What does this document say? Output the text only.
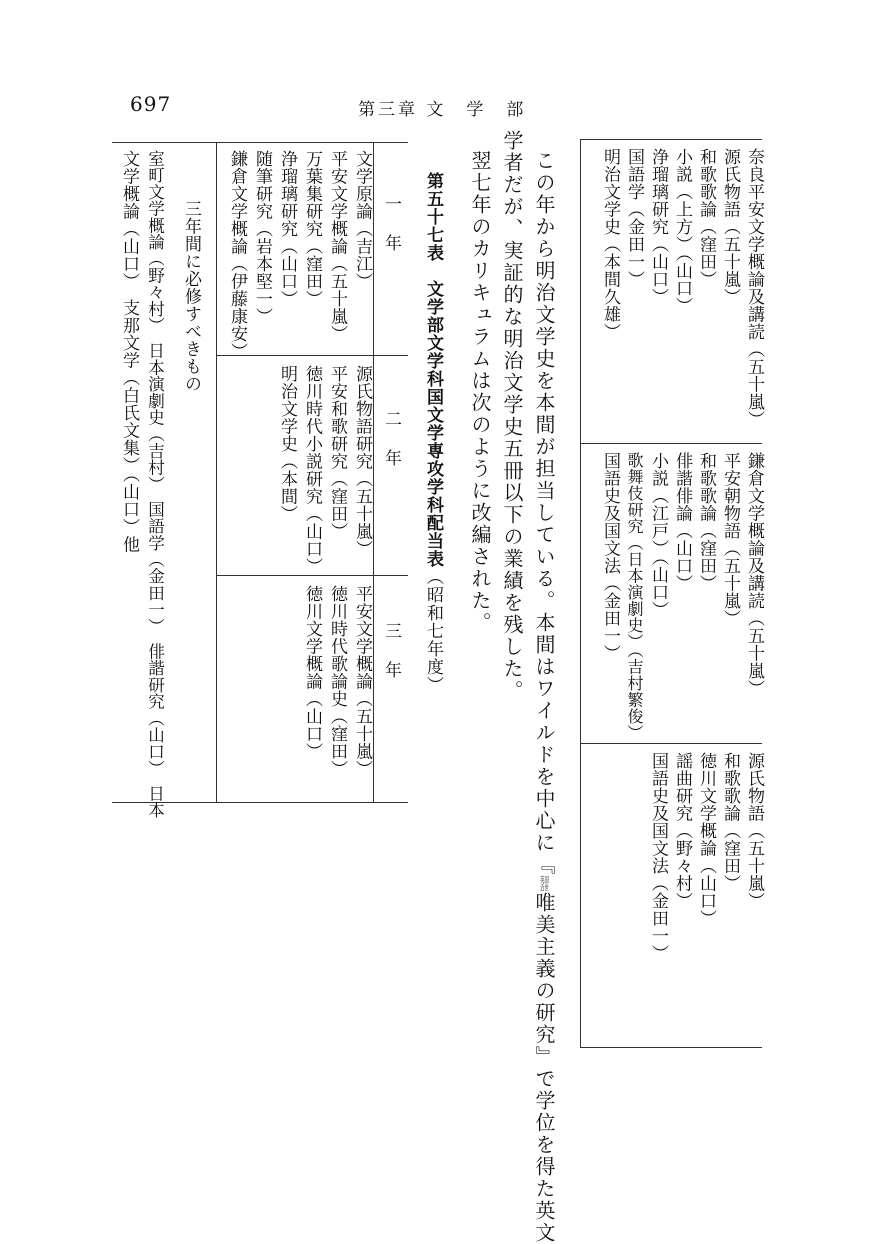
697	第三章 文　学　部
奈良平安文学概論及講読（五十嵐）
源氏物語（五十嵐）
和歌歌論（窪田）
小説（上方）（山口）
浄瑠璃研究（山口）
国語学（金田一）
明治文学史（本間久雄）
鎌倉文学概論及講読（五十嵐）
平安朝物語（五十嵐）
和歌歌論（窪田）
俳諧俳論（山口）
小説（江戸）（山口）
歌舞伎研究（日本演劇史）（吉村繁俊）
国語史及国文法（金田一）
源氏物語（五十嵐）
和歌歌論（窪田）
徳川文学概論（山口）
謡曲研究（野々村）
国語史及国文法（金田一）
この年から明治文学史を本間が担当している。本間はワイルドを中心に『英国近世唯美主義の研究』で学位を得た英文
学者だが、実証的な明治文学史五冊以下の業績を残した。
翌七年のカリキュラムは次のように改編された。
第五十七表　文学部文学科国文学専攻学科配当表（昭和七年度）
一年
二年
三年
文学原論（吉江）
平安文学概論（五十嵐）
万葉集研究（窪田）
浄瑠璃研究（山口）
随筆研究（岩本堅一）
鎌倉文学概論（伊藤康安）
源氏物語研究（五十嵐）
平安和歌研究（窪田）
徳川時代小説研究（山口）
明治文学史（本間）
平安文学概論（五十嵐）
徳川時代歌論史（窪田）
徳川文学概論（山口）
三年間に必修すべきもの
室町文学概論（野々村）　日本演劇史（吉村）　国語学（金田一）　俳諧研究（山口）　日本
文学概論（山口）　支那文学（白氏文集）（山口）他
